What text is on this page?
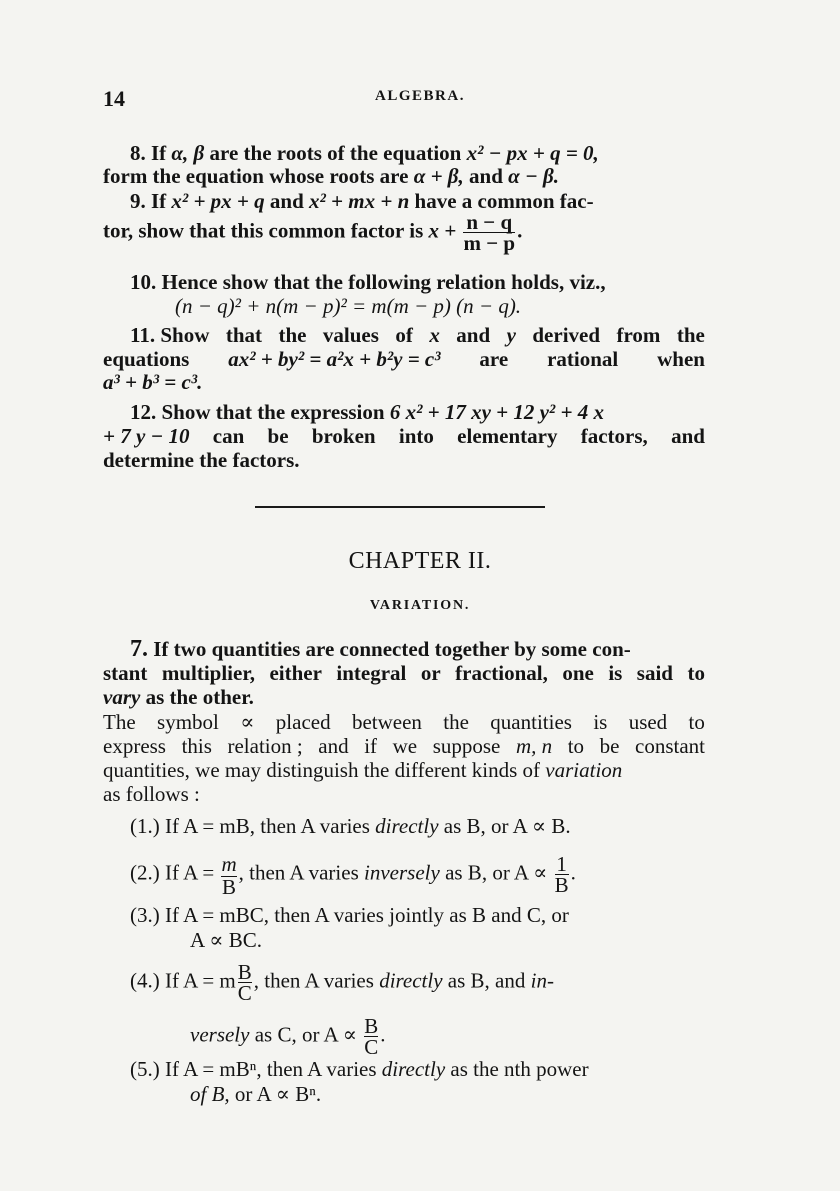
14	ALGEBRA.
8. If α, β are the roots of the equation x² − px + q = 0,
form the equation whose roots are α + β, and α − β.
9. If x² + px + q and x² + mx + n have a common fac-
tor, show that this common factor is $x + \frac{n - q}{m - p}$ .
10. Hence show that the following relation holds, viz.,
(n − q)² + n(m − p)² = m(m − p) (n − q).
11. Show that the values of x and y derived from the
equations ax² + by² = a²x + b²y = c³ are rational when
a³ + b³ = c³.
12. Show that the expression 6 x² + 17 xy + 12 y² + 4 x
+ 7 y − 10 can be broken into elementary factors, and
determine the factors.
CHAPTER II.
VARIATION.
7. If two quantities are connected together by some con-
stant multiplier, either integral or fractional, one is said to
vary as the other.
The symbol ∝ placed between the quantities is used to
express this relation ; and if we suppose m, n to be constant
quantities, we may distinguish the different kinds of variation
as follows :
(1.) If A = mB, then A varies directly as B, or A ∝ B.
(2.) If $A = \frac{m}{B}$ , then A varies inversely as B, or $A \propto \frac{1}{B}$ .
(3.) If A = mBC, then A varies jointly as B and C, or
A ∝ BC.
(4.) If A = m $\frac{B}{C}$ , then A varies directly as B, and in-
versely as C, or $A \propto \frac{B}{C}$ .
(5.) If A = mBⁿ, then A varies directly as the nth power
of B, or A ∝ Bⁿ.
